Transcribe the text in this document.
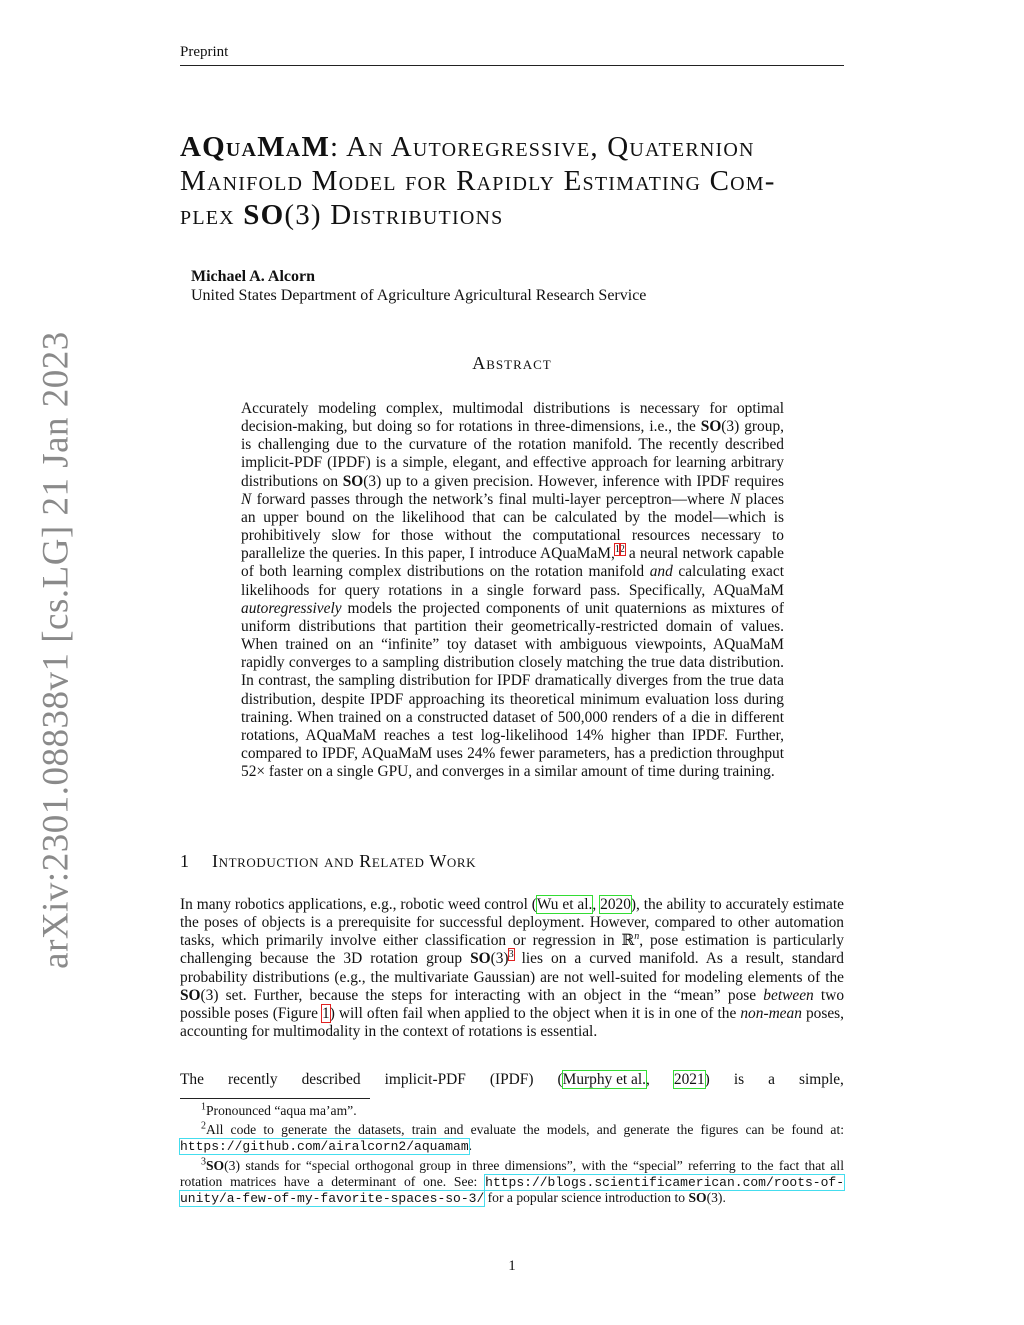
Preprint
arXiv:2301.08838v1 [cs.LG] 21 Jan 2023
AQuaMaM: An Autoregressive, Quaternion
Manifold Model for Rapidly Estimating Com-
plex SO(3) Distributions
Michael A. Alcorn
United States Department of Agriculture Agricultural Research Service
Abstract
Accurately modeling complex, multimodal distributions is necessary for optimal decision-making, but doing so for rotations in three-dimensions, i.e., the SO(3) group, is challenging due to the curvature of the rotation manifold. The recently described implicit-PDF (IPDF) is a simple, elegant, and effective approach for learning arbitrary distributions on SO(3) up to a given precision. However, inference with IPDF requires N forward passes through the network’s final multi-layer perceptron—where N places an upper bound on the likelihood that can be calculated by the model—which is prohibitively slow for those without the computational resources necessary to parallelize the queries. In this paper, I introduce AQuaMaM,$^{12}$ a neural network capable of both learning complex distributions on the rotation manifold and calculating exact likelihoods for query rotations in a single forward pass. Specifically, AQuaMaM autoregressively models the projected components of unit quaternions as mixtures of uniform distributions that partition their geometrically-restricted domain of values. When trained on an “infinite” toy dataset with ambiguous viewpoints, AQuaMaM rapidly converges to a sampling distribution closely matching the true data distribution. In contrast, the sampling distribution for IPDF dramatically diverges from the true data distribution, despite IPDF approaching its theoretical minimum evaluation loss during training. When trained on a constructed dataset of 500,000 renders of a die in different rotations, AQuaMaM reaches a test log-likelihood 14% higher than IPDF. Further, compared to IPDF, AQuaMaM uses 24% fewer parameters, has a prediction throughput 52× faster on a single GPU, and converges in a similar amount of time during training.
1 Introduction and Related Work
In many robotics applications, e.g., robotic weed control (Wu et al., 2020), the ability to accurately estimate the poses of objects is a prerequisite for successful deployment. However, compared to other automation tasks, which primarily involve either classification or regression in ℝ$^n$, pose estimation is particularly challenging because the 3D rotation group SO(3)$^3$ lies on a curved manifold. As a result, standard probability distributions (e.g., the multivariate Gaussian) are not well-suited for modeling elements of the SO(3) set. Further, because the steps for interacting with an object in the “mean” pose between two possible poses (Figure 1) will often fail when applied to the object when it is in one of the non-mean poses, accounting for multimodality in the context of rotations is essential.
The recently described implicit-PDF (IPDF) (Murphy et al., 2021) is a simple,
$^1$Pronounced “aqua ma’am”.
$^2$All code to generate the datasets, train and evaluate the models, and generate the figures can be found at: https://github.com/airalcorn2/aquamam.
$^3$SO(3) stands for “special orthogonal group in three dimensions”, with the “special” referring to the fact that all rotation matrices have a determinant of one. See: https://blogs.scientificamerican.com/roots-of-unity/a-few-of-my-favorite-spaces-so-3/ for a popular science introduction to SO(3).
1
